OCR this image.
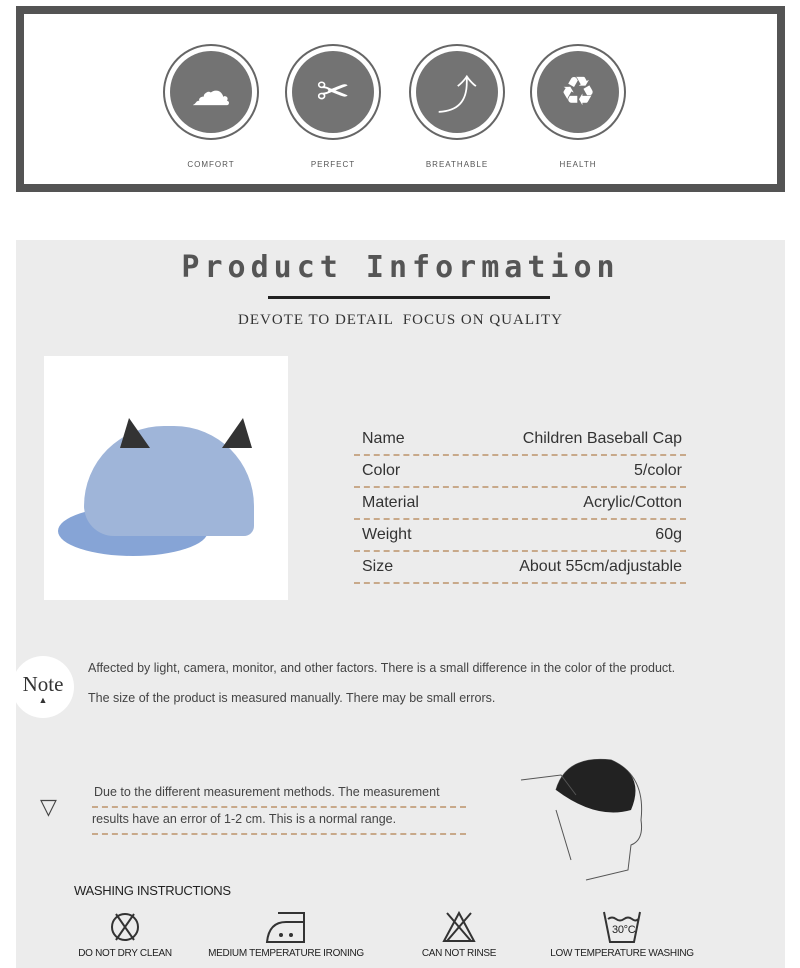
☁
COMFORT
✂
PERFECT
⤴
BREATHABLE
♻
HEALTH
Product Information
DEVOTE TO DETAIL  FOCUS ON QUALITY
Name	Children Baseball Cap
Color	5/color
Material	Acrylic/Cotton
Weight	60g
Size	About 55cm/adjustable
Note
▲
Affected by light, camera, monitor, and other factors. There is a small difference in the color of the product.
The size of the product is measured manually. There may be small errors.
▽
Due to the different measurement methods. The measurement
results have an error of 1-2 cm. This is a normal range.
WASHING INSTRUCTIONS
DO NOT DRY CLEAN	MEDIUM TEMPERATURE IRONING	CAN NOT RINSE
30°C
LOW TEMPERATURE WASHING
